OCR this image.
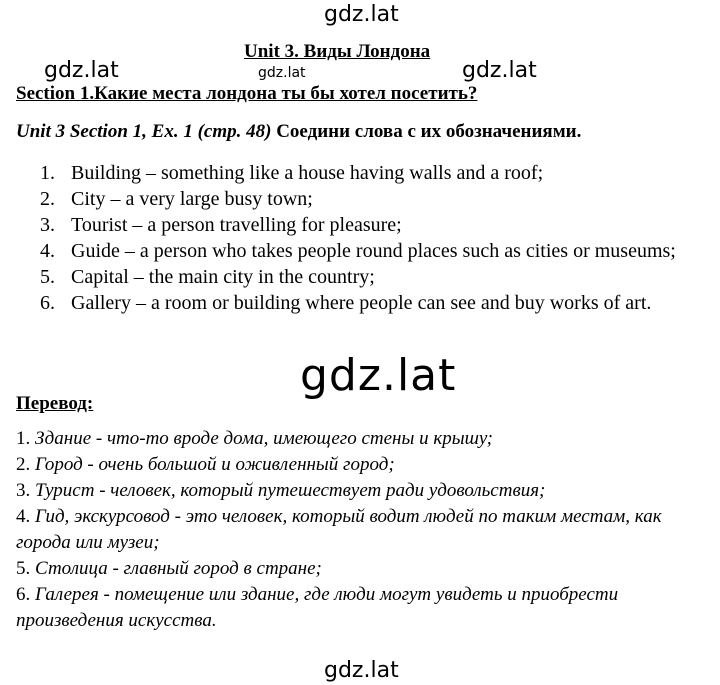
gdz.lat
gdz.lat	gdz.lat
gdz.lat
Unit 3. Виды Лондона
Section 1.Какие места лондона ты бы хотел посетить?
Unit 3 Section 1, Ex. 1 (стр. 48) Соедини слова с их обозначениями.
1. Building – something like a house having walls and a roof;
2. City – a very large busy town;
3. Tourist – a person travelling for pleasure;
4. Guide – a person who takes people round places such as cities or museums;
5. Capital – the main city in the country;
6. Gallery – a room or building where people can see and buy works of art.
gdz.lat
Перевод:
1. Здание - что-то вроде дома, имеющего стены и крышу;
2. Город - очень большой и оживленный город;
3. Турист - человек, который путешествует ради удовольствия;
4. Гид, экскурсовод - это человек, который водит людей по таким местам, как города или музеи;
5. Столица - главный город в стране;
6. Галерея - помещение или здание, где люди могут увидеть и приобрести произведения искусства.
gdz.lat
